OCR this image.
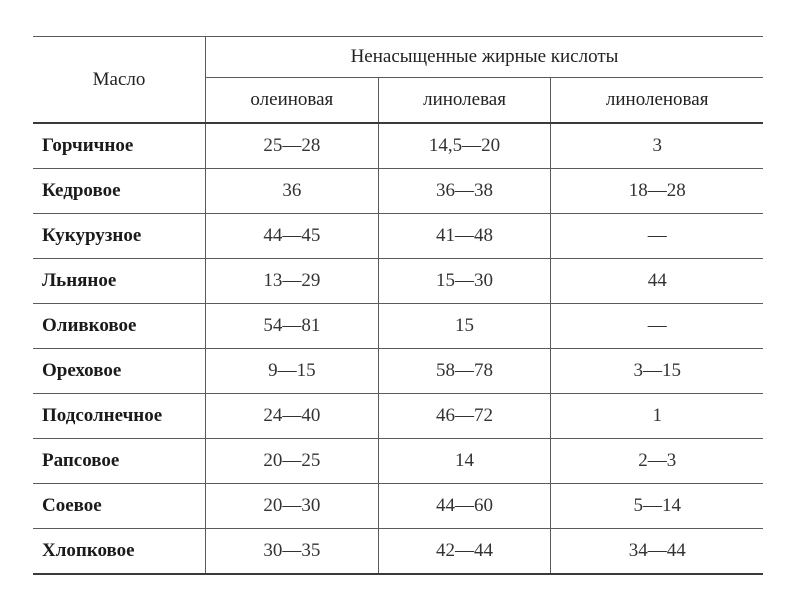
Масло	Ненасыщенные жирные кислоты		
	олеиновая	линолевая	линоленовая
Горчичное	25—28	14,5—20	3
Кедровое	36	36—38	18—28
Кукурузное	44—45	41—48	—
Льняное	13—29	15—30	44
Оливковое	54—81	15	—
Ореховое	9—15	58—78	3—15
Подсолнечное	24—40	46—72	1
Рапсовое	20—25	14	2—3
Соевое	20—30	44—60	5—14
Хлопковое	30—35	42—44	34—44
